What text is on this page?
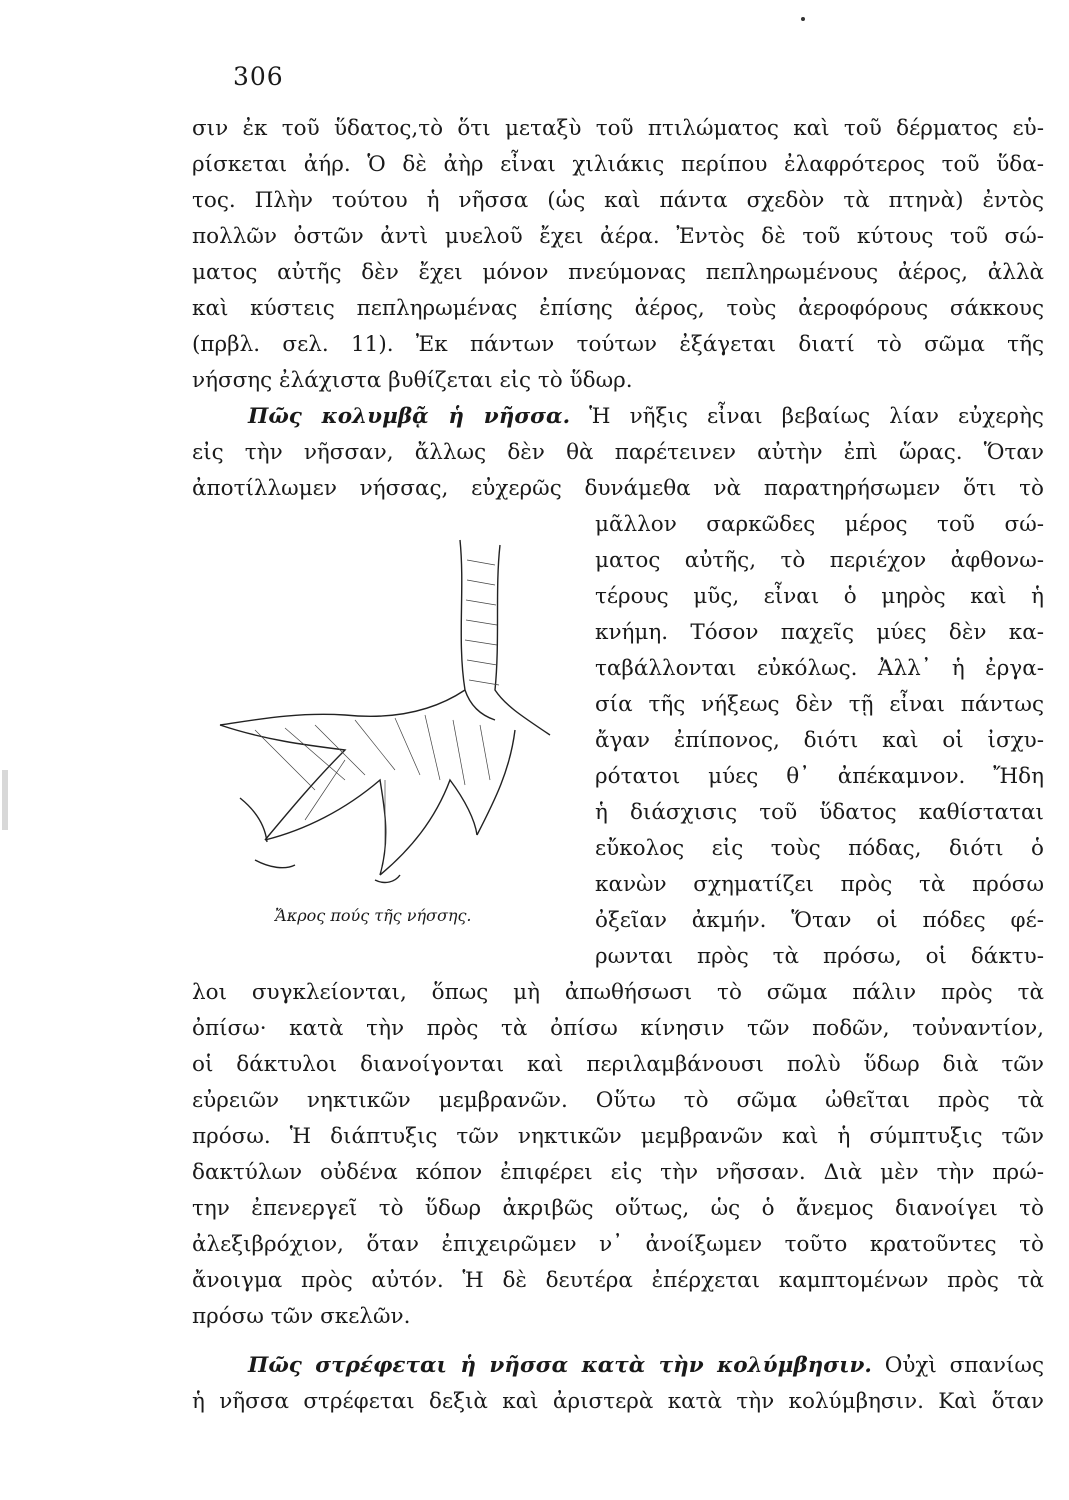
306
σιν ἐκ τοῦ ὕδατος,τὸ ὅτι μεταξὺ τοῦ πτιλώματος καὶ τοῦ δέρματος εὑ-
ρίσκεται ἀήρ. Ὁ δὲ ἀὴρ εἶναι χιλιάκις περίπου ἐλαφρότερος τοῦ ὕδα-
τος. Πλὴν τούτου ἡ νῆσσα (ὡς καὶ πάντα σχεδὸν τὰ πτηνὰ) ἐντὸς
πολλῶν ὀστῶν ἀντὶ μυελοῦ ἔχει ἀέρα. Ἐντὸς δὲ τοῦ κύτους τοῦ σώ-
ματος αὐτῆς δὲν ἔχει μόνον πνεύμονας πεπληρωμένους ἀέρος, ἀλλὰ
καὶ κύστεις πεπληρωμένας ἐπίσης ἀέρος, τοὺς ἀεροφόρους σάκκους
(πρβλ. σελ. 11). Ἐκ πάντων τούτων ἐξάγεται διατί τὸ σῶμα τῆς
νήσσης ἐλάχιστα βυθίζεται εἰς τὸ ὕδωρ.
Πῶς κολυμβᾷ ἡ νῆσσα. Ἡ νῆξις εἶναι βεβαίως λίαν εὐχερὴς
εἰς τὴν νῆσσαν, ἄλλως δὲν θὰ παρέτεινεν αὐτὴν ἐπὶ ὥρας. Ὅταν
ἀποτίλλωμεν νήσσας, εὐχερῶς δυνάμεθα νὰ παρατηρήσωμεν ὅτι τὸ
μᾶλλον σαρκῶδες μέρος τοῦ σώ-
ματος αὐτῆς, τὸ περιέχον ἀφθονω-
τέρους μῦς, εἶναι ὁ μηρὸς καὶ ἡ
κνήμη. Τόσον παχεῖς μύες δὲν κα-
ταβάλλονται εὐκόλως. Ἀλλ᾿ ἡ ἐργα-
σία τῆς νήξεως δὲν τῇ εἶναι πάντως
ἄγαν ἐπίπονος, διότι καὶ οἱ ἰσχυ-
ρότατοι μύες θ᾿ ἀπέκαμνον. Ἤδη
ἡ διάσχισις τοῦ ὕδατος καθίσταται
εὔκολος εἰς τοὺς πόδας, διότι ὁ
κανὼν σχηματίζει πρὸς τὰ πρόσω
ὀξεῖαν ἀκμήν. Ὅταν οἱ πόδες φέ-
ρωνται πρὸς τὰ πρόσω, οἱ δάκτυ-
Ἄκρος πούς τῆς νήσσης.
λοι συγκλείονται, ὅπως μὴ ἀπωθήσωσι τὸ σῶμα πάλιν πρὸς τὰ
ὀπίσω· κατὰ τὴν πρὸς τὰ ὀπίσω κίνησιν τῶν ποδῶν, τοὐναντίον,
οἱ δάκτυλοι διανοίγονται καὶ περιλαμβάνουσι πολὺ ὕδωρ διὰ τῶν
εὐρειῶν νηκτικῶν μεμβρανῶν. Οὕτω τὸ σῶμα ὠθεῖται πρὸς τὰ
πρόσω. Ἡ διάπτυξις τῶν νηκτικῶν μεμβρανῶν καὶ ἡ σύμπτυξις τῶν
δακτύλων οὐδένα κόπον ἐπιφέρει εἰς τὴν νῆσσαν. Διὰ μὲν τὴν πρώ-
την ἐπενεργεῖ τὸ ὕδωρ ἀκριβῶς οὕτως, ὡς ὁ ἄνεμος διανοίγει τὸ
ἀλεξιβρόχιον, ὅταν ἐπιχειρῶμεν ν᾿ ἀνοίξωμεν τοῦτο κρατοῦντες τὸ
ἄνοιγμα πρὸς αὐτόν. Ἡ δὲ δευτέρα ἐπέρχεται καμπτομένων πρὸς τὰ
πρόσω τῶν σκελῶν.
Πῶς στρέφεται ἡ νῆσσα κατὰ τὴν κολύμβησιν. Οὐχὶ σπανίως
ἡ νῆσσα στρέφεται δεξιὰ καὶ ἀριστερὰ κατὰ τὴν κολύμβησιν. Καὶ ὅταν
